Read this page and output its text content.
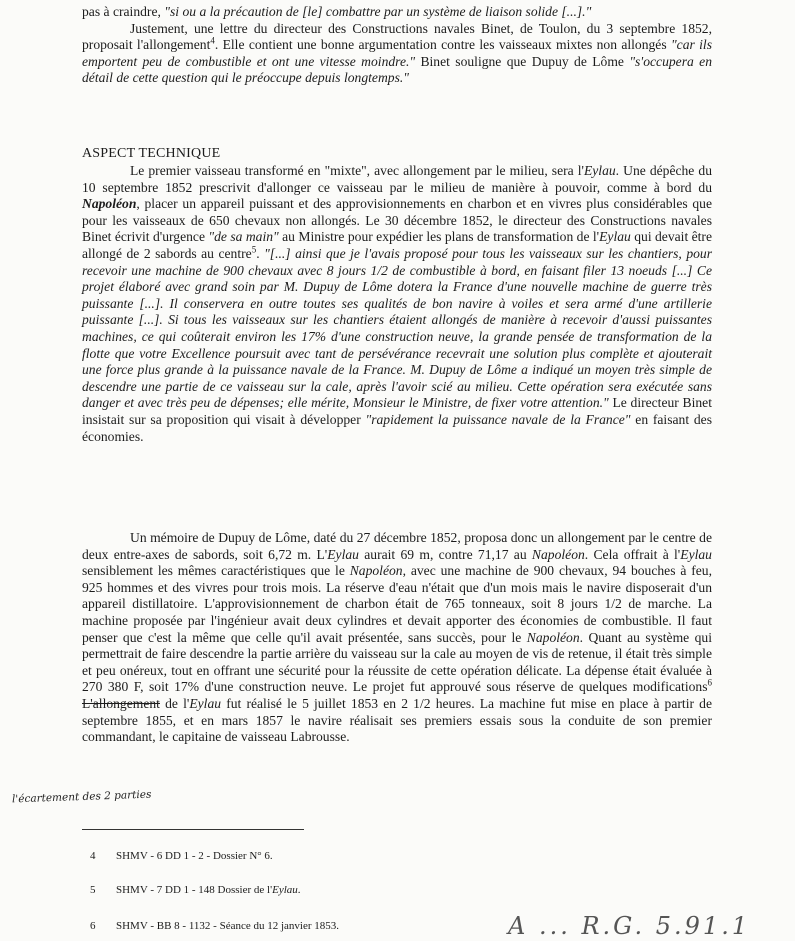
pas à craindre, "si ou a la précaution de [le] combattre par un système de liaison solide [...]."

Justement, une lettre du directeur des Constructions navales Binet, de Toulon, du 3 septembre 1852, proposait l'allongement$^4$. Elle contient une bonne argumentation contre les vaisseaux mixtes non allongés "car ils emportent peu de combustible et ont une vitesse moindre." Binet souligne que Dupuy de Lôme "s'occupera en détail de cette question qui le préoccupe depuis longtemps."

ASPECT TECHNIQUE

Le premier vaisseau transformé en "mixte", avec allongement par le milieu, sera l'Eylau. Une dépêche du 10 septembre 1852 prescrivit d'allonger ce vaisseau par le milieu de manière à pouvoir, comme à bord du Napoléon, placer un appareil puissant et des approvisionnements en charbon et en vivres plus considérables que pour les vaisseaux de 650 chevaux non allongés. Le 30 décembre 1852, le directeur des Constructions navales Binet écrivit d'urgence "de sa main" au Ministre pour expédier les plans de transformation de l'Eylau qui devait être allongé de 2 sabords au centre$^5$. "[...] ainsi que je l'avais proposé pour tous les vaisseaux sur les chantiers, pour recevoir une machine de 900 chevaux avec 8 jours 1/2 de combustible à bord, en faisant filer 13 noeuds [...] Ce projet élaboré avec grand soin par M. Dupuy de Lôme dotera la France d'une nouvelle machine de guerre très puissante [...]. Il conservera en outre toutes ses qualités de bon navire à voiles et sera armé d'une artillerie puissante [...]. Si tous les vaisseaux sur les chantiers étaient allongés de manière à recevoir d'aussi puissantes machines, ce qui coûterait environ les 17% d'une construction neuve, la grande pensée de transformation de la flotte que votre Excellence poursuit avec tant de persévérance recevrait une solution plus complète et ajouterait une force plus grande à la puissance navale de la France. M. Dupuy de Lôme a indiqué un moyen très simple de descendre une partie de ce vaisseau sur la cale, après l'avoir scié au milieu. Cette opération sera exécutée sans danger et avec très peu de dépenses; elle mérite, Monsieur le Ministre, de fixer votre attention." Le directeur Binet insistait sur sa proposition qui visait à développer "rapidement la puissance navale de la France" en faisant des économies.

Un mémoire de Dupuy de Lôme, daté du 27 décembre 1852, proposa donc un allongement par le centre de deux entre-axes de sabords, soit 6,72 m. L'Eylau aurait 69 m, contre 71,17 au Napoléon. Cela offrait à l'Eylau sensiblement les mêmes caractéristiques que le Napoléon, avec une machine de 900 chevaux, 94 bouches à feu, 925 hommes et des vivres pour trois mois. La réserve d'eau n'était que d'un mois mais le navire disposerait d'un appareil distillatoire. L'approvisionnement de charbon était de 765 tonneaux, soit 8 jours 1/2 de marche. La machine proposée par l'ingénieur avait deux cylindres et devait apporter des économies de combustible. Il faut penser que c'est la même que celle qu'il avait présentée, sans succès, pour le Napoléon. Quant au système qui permettrait de faire descendre la partie arrière du vaisseau sur la cale au moyen de vis de retenue, il était très simple et peu onéreux, tout en offrant une sécurité pour la réussite de cette opération délicate. La dépense était évaluée à 270 380 F, soit 17% d'une construction neuve. Le projet fut approuvé sous réserve de quelques modifications$^6$ L'allongement de l'Eylau fut réalisé le 5 juillet 1853 en 2 1/2 heures. La machine fut mise en place à partir de septembre 1855, et en mars 1857 le navire réalisait ses premiers essais sous la conduite de son premier commandant, le capitaine de vaisseau Labrousse.

l'écartement des 2 parties
4 SHMV - 6 DD 1 - 2 - Dossier N° 6.
5 SHMV - 7 DD 1 - 148 Dossier de l'Eylau.
6 SHMV - BB 8 - 1132 - Séance du 12 janvier 1853.	A ... R.G. 5.91.1
